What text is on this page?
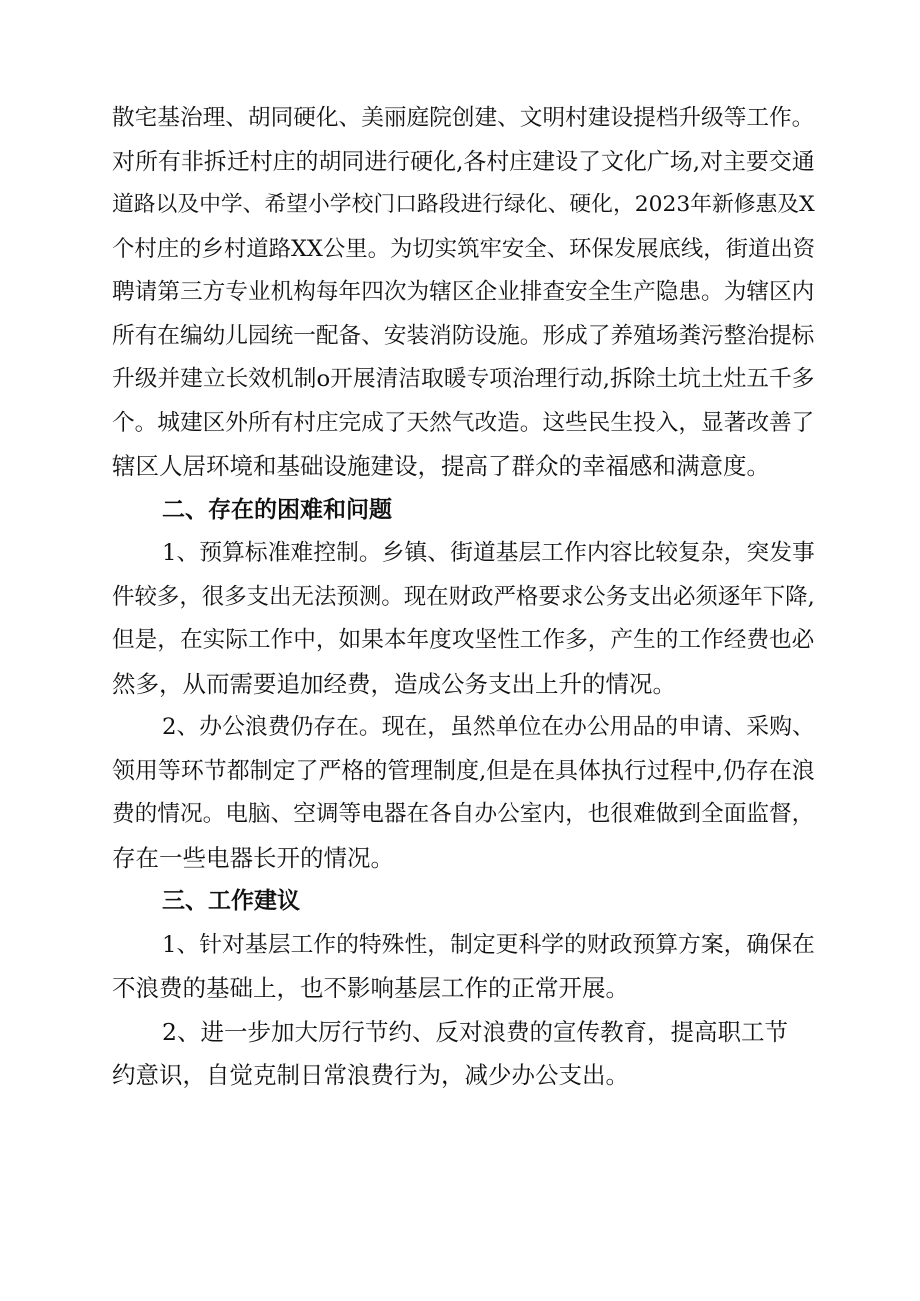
散宅基治理、胡同硬化、美丽庭院创建、文明村建设提档升级等工作。
对所有非拆迁村庄的胡同进行硬化,各村庄建设了文化广场,对主要交通
道路以及中学、希望小学校门口路段进行绿化、硬化，2023年新修惠及X
个村庄的乡村道路XX公里。为切实筑牢安全、环保发展底线，街道出资
聘请第三方专业机构每年四次为辖区企业排查安全生产隐患。为辖区内
所有在编幼儿园统一配备、安装消防设施。形成了养殖场粪污整治提标
升级并建立长效机制o开展清洁取暖专项治理行动,拆除土坑土灶五千多
个。城建区外所有村庄完成了天然气改造。这些民生投入，显著改善了
辖区人居环境和基础设施建设，提高了群众的幸福感和满意度。
二、存在的困难和问题
1、预算标准难控制。乡镇、街道基层工作内容比较复杂，突发事
件较多，很多支出无法预测。现在财政严格要求公务支出必须逐年下降,
但是，在实际工作中，如果本年度攻坚性工作多，产生的工作经费也必
然多，从而需要追加经费，造成公务支出上升的情况。
2、办公浪费仍存在。现在，虽然单位在办公用品的申请、采购、
领用等环节都制定了严格的管理制度,但是在具体执行过程中,仍存在浪
费的情况。电脑、空调等电器在各自办公室内，也很难做到全面监督，
存在一些电器长开的情况。
三、工作建议
1、针对基层工作的特殊性，制定更科学的财政预算方案，确保在
不浪费的基础上，也不影响基层工作的正常开展。
2、进一步加大厉行节约、反对浪费的宣传教育，提高职工节
约意识，自觉克制日常浪费行为，减少办公支出。
